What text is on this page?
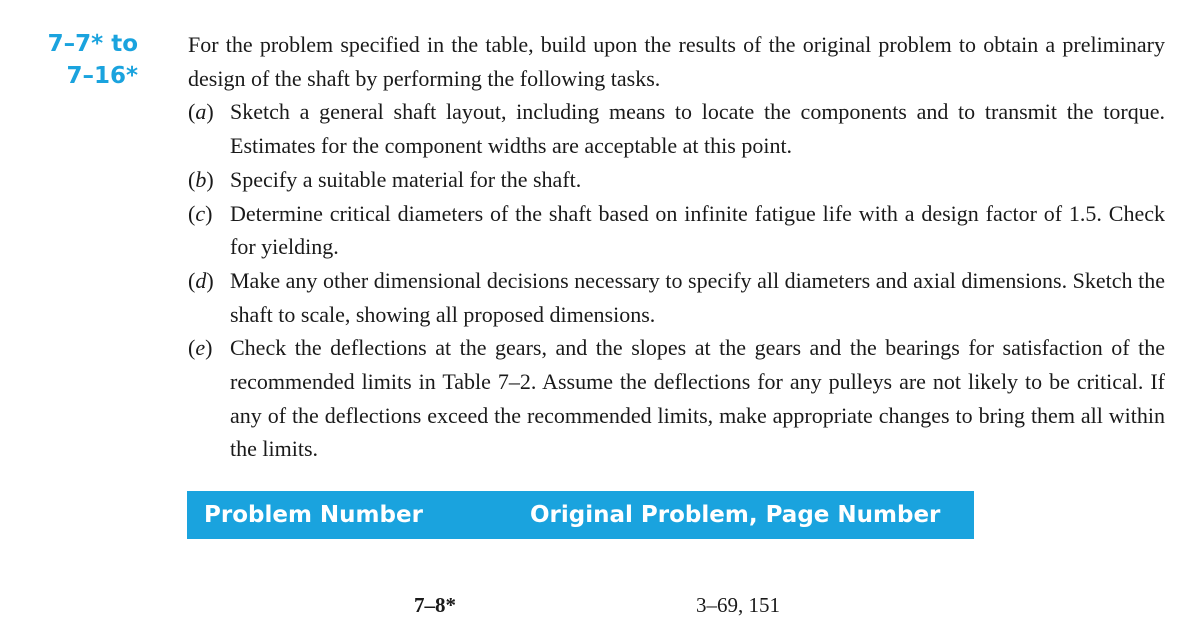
7–7* to
7–16*

For the problem specified in the table, build upon the results of the original problem to obtain a preliminary design of the shaft by performing the following tasks.

(a) Sketch a general shaft layout, including means to locate the components and to transmit the torque. Estimates for the component widths are acceptable at this point.
(b) Specify a suitable material for the shaft.
(c) Determine critical diameters of the shaft based on infinite fatigue life with a design factor of 1.5. Check for yielding.
(d) Make any other dimensional decisions necessary to specify all diameters and axial dimensions. Sketch the shaft to scale, showing all proposed dimensions.
(e) Check the deflections at the gears, and the slopes at the gears and the bearings for satisfaction of the recommended limits in Table 7–2. Assume the deflections for any pulleys are not likely to be critical. If any of the deflections exceed the recommended limits, make appropriate changes to bring them all within the limits.
Problem Number	Original Problem, Page Number
7–8*	3–69, 151
